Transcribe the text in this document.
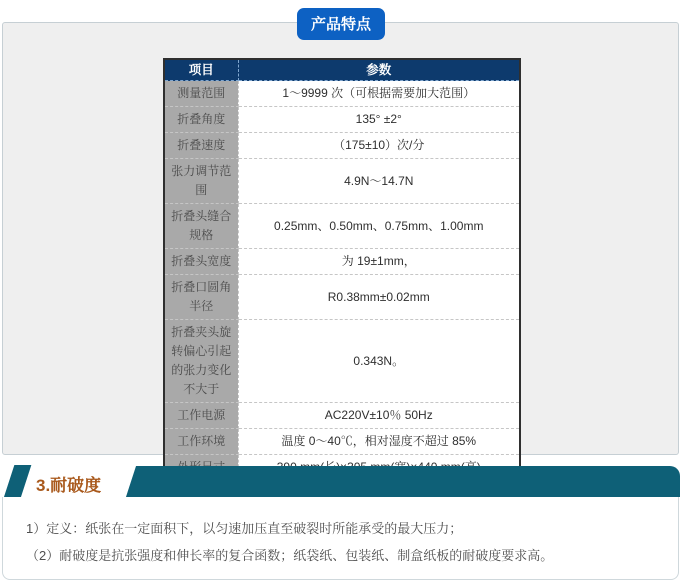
项目	参数
测量范围	1～9999 次（可根据需要加大范围）
折叠角度	135° ±2°
折叠速度	（175±10）次/分
张力调节范围	4.9N～14.7N
折叠头缝合规格	0.25mm、0.50mm、0.75mm、1.00mm
折叠头宽度	为 19±1mm，
折叠口圆角半径	R0.38mm±0.02mm
折叠夹头旋转偏心引起的张力变化不大于	0.343N。
工作电源	AC220V±10％ 50Hz
工作环境	温度 0～40℃，相对湿度不超过 85%

产品特点
3.耐破度
1）定义：纸张在一定面积下，以匀速加压直至破裂时所能承受的最大压力；
（2）耐破度是抗张强度和伸长率的复合函数；纸袋纸、包装纸、制盒纸板的耐破度要求高。
